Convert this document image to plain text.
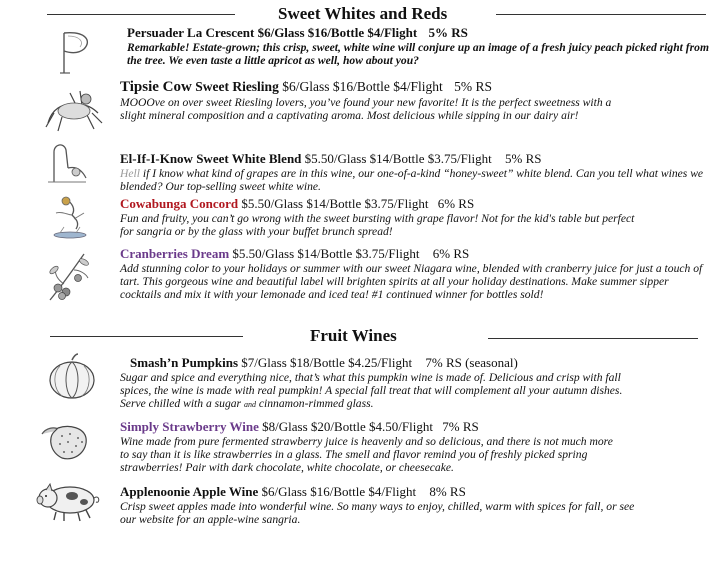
Sweet Whites and Reds
Fruit Wines
Persuader La Crescent $6/Glass $16/Bottle $4/Flight 5% RS
Remarkable! Estate-grown; this crisp, sweet, white wine will conjure up an image of a fresh juicy peach picked right from the tree. We even taste a little apricot as well, how about you?
Tipsie Cow Sweet Riesling $6/Glass $16/Bottle $4/Flight 5% RS
MOOOve on over sweet Riesling lovers, you’ve found your new favorite! It is the perfect sweetness with a slight mineral composition and a captivating aroma. Most delicious while sipping in our dairy air!
El-If-I-Know Sweet White Blend $5.50/Glass $14/Bottle $3.75/Flight 5% RS
Hell if I know what kind of grapes are in this wine, our one-of-a-kind “honey-sweet” white blend. Can you tell what wines we blended? Our top-selling sweet white wine.
Cowabunga Concord $5.50/Glass $14/Bottle $3.75/Flight 6% RS
Fun and fruity, you can’t go wrong with the sweet bursting with grape flavor! Not for the kid's table but perfect for sangria or by the glass with your buffet brunch spread!
Cranberries Dream $5.50/Glass $14/Bottle $3.75/Flight 6% RS
Add stunning color to your holidays or summer with our sweet Niagara wine, blended with cranberry juice for just a touch of tart. This gorgeous wine and beautiful label will brighten spirits at all your holiday destinations. Make summer sipper cocktails and mix it with your lemonade and iced tea! #1 continued winner for bottles sold!
Smash’n Pumpkins $7/Glass $18/Bottle $4.25/Flight 7% RS (seasonal)
Sugar and spice and everything nice, that’s what this pumpkin wine is made of. Delicious and crisp with fall spices, the wine is made with real pumpkin! A special fall treat that will complement all your autumn dishes. Serve chilled with a sugar and cinnamon-rimmed glass.
Simply Strawberry Wine $8/Glass $20/Bottle $4.50/Flight 7% RS
Wine made from pure fermented strawberry juice is heavenly and so delicious, and there is not much more to say than it is like strawberries in a glass. The smell and flavor remind you of freshly picked spring strawberries! Pair with dark chocolate, white chocolate, or cheesecake.
Applenoonie Apple Wine $6/Glass $16/Bottle $4/Flight 8% RS
Crisp sweet apples made into wonderful wine. So many ways to enjoy, chilled, warm with spices for fall, or see our website for an apple-wine sangria.
